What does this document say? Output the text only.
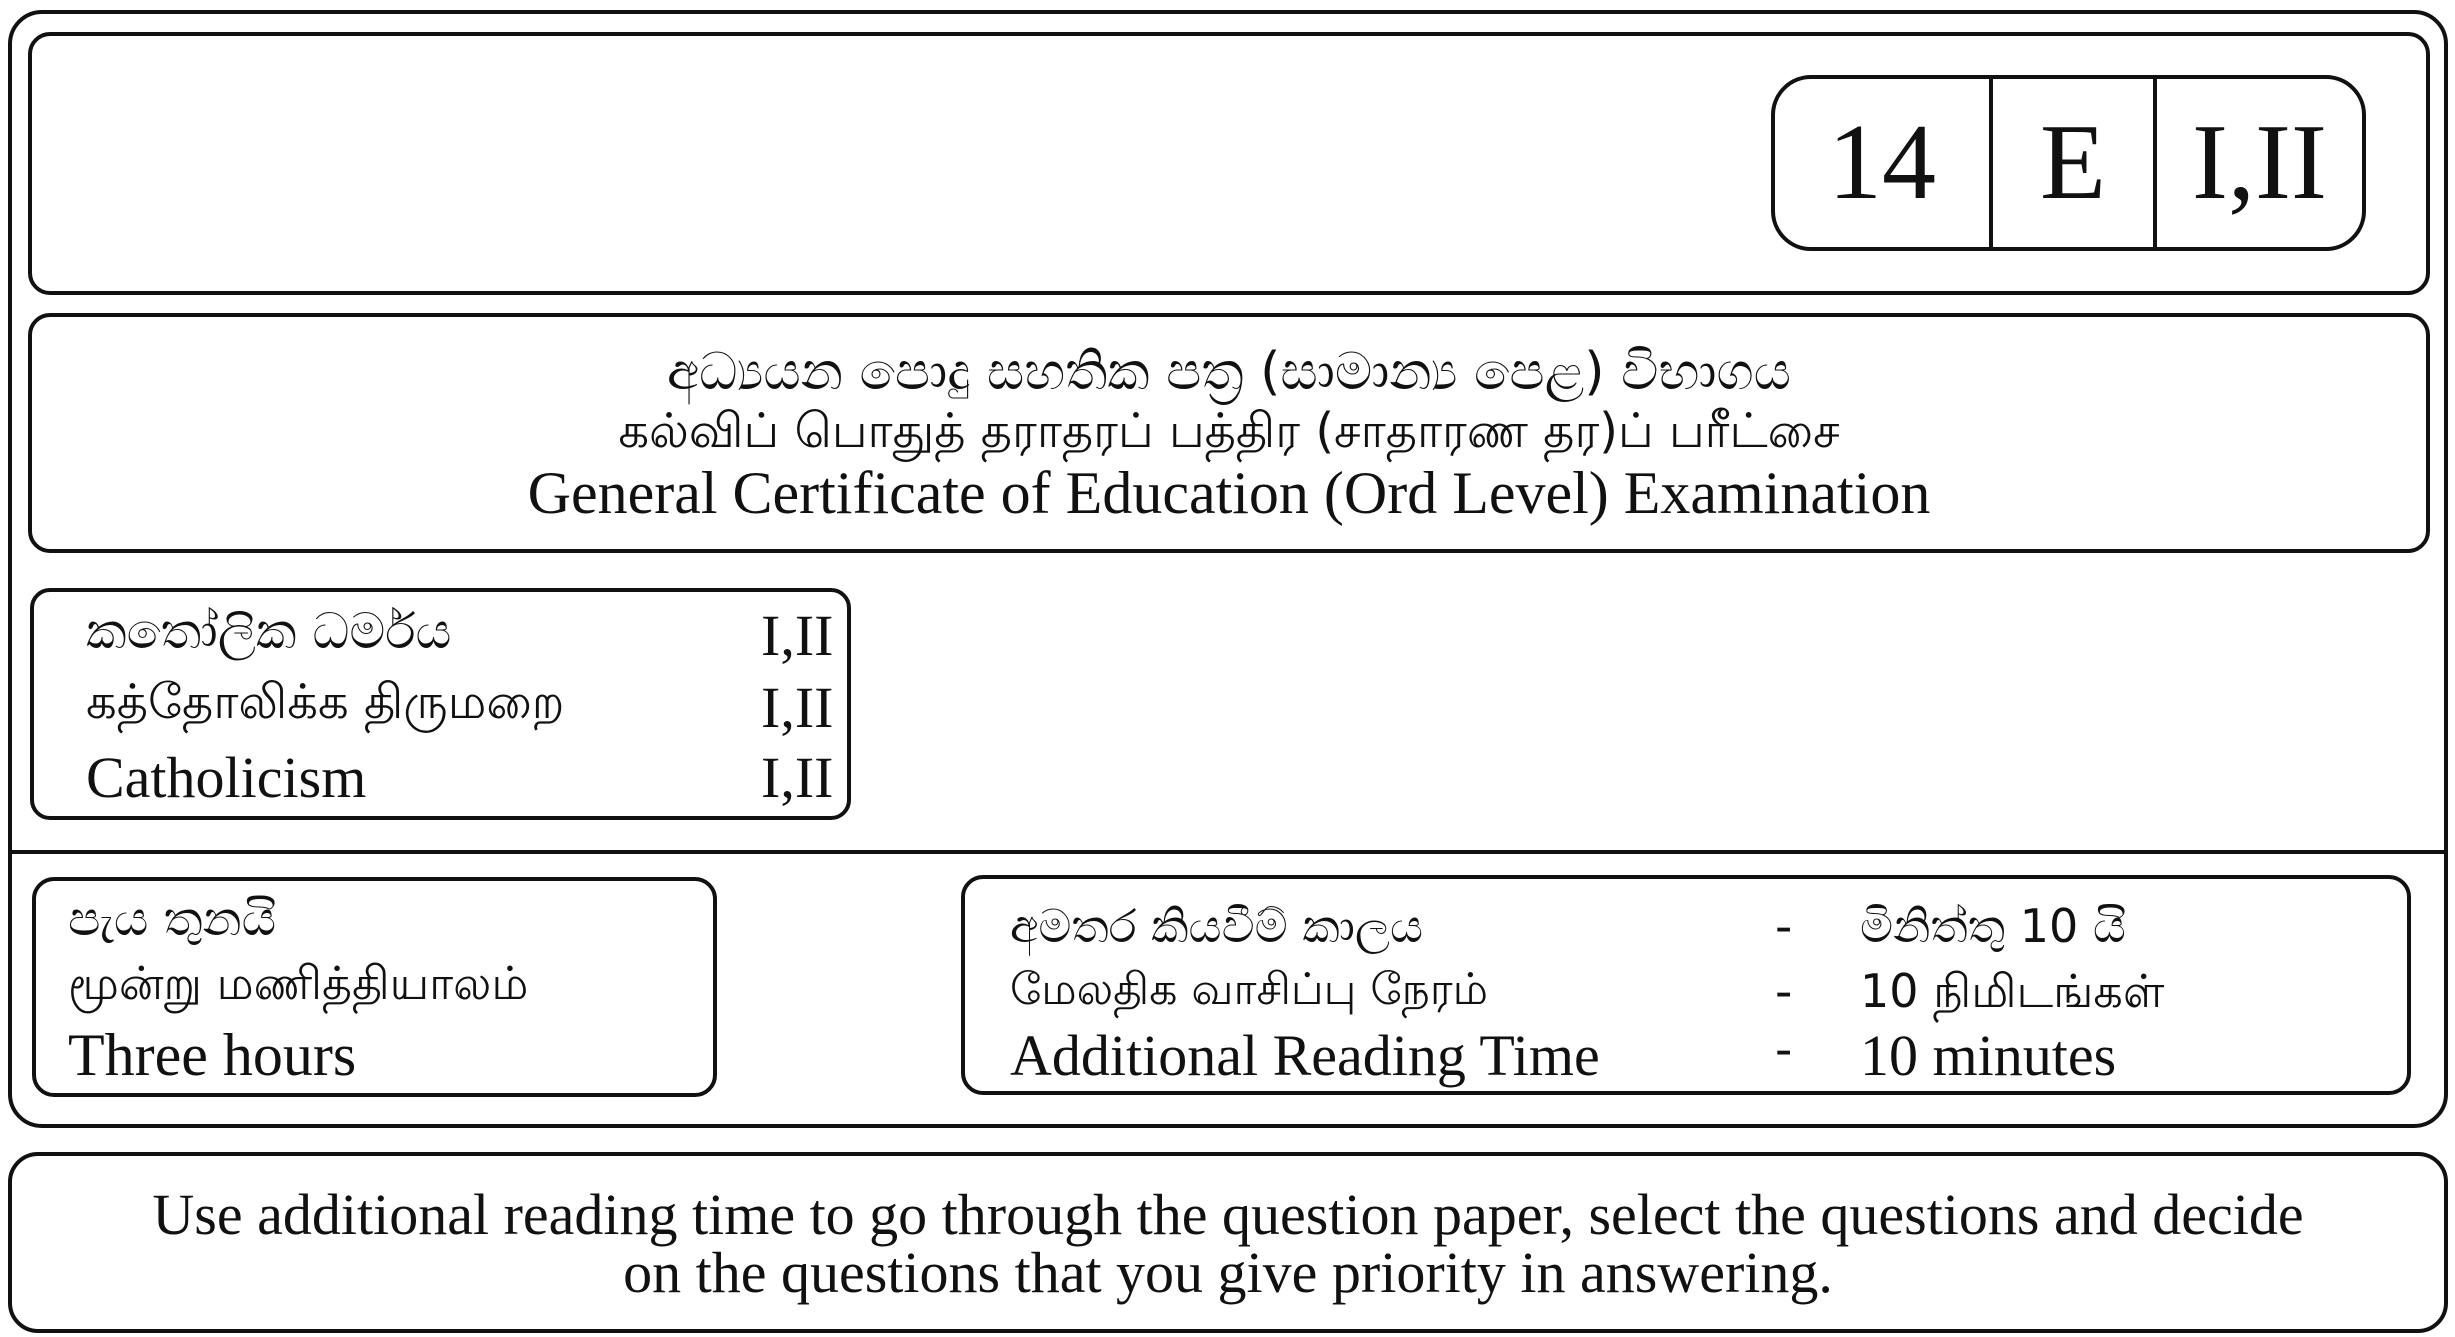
14 E I,II
අධ්‍යයන පොදු සහතික පත්‍ර (සාමාන්‍ය පෙළ) විභාගය
கல்விப் பொதுத் தராதரப் பத்திர (சாதாரண தர)ப் பரீட்சை
General Certificate of Education (Ord Level) Examination
කතෝලික ධර්මය	I,II
கத்தோலிக்க திருமறை	I,II
Catholicism	I,II
පැය තුනයි
மூன்று மணித்தியாலம்
Three hours
අමතර කියවීම් කාලය	- මිනිත්තු 10 යි
மேலதிக வாசிப்பு நேரம்	- 10 நிமிடங்கள்
Additional Reading Time	- 10 minutes
Use additional reading time to go through the question paper, select the questions and decide
on the questions that you give priority in answering.
